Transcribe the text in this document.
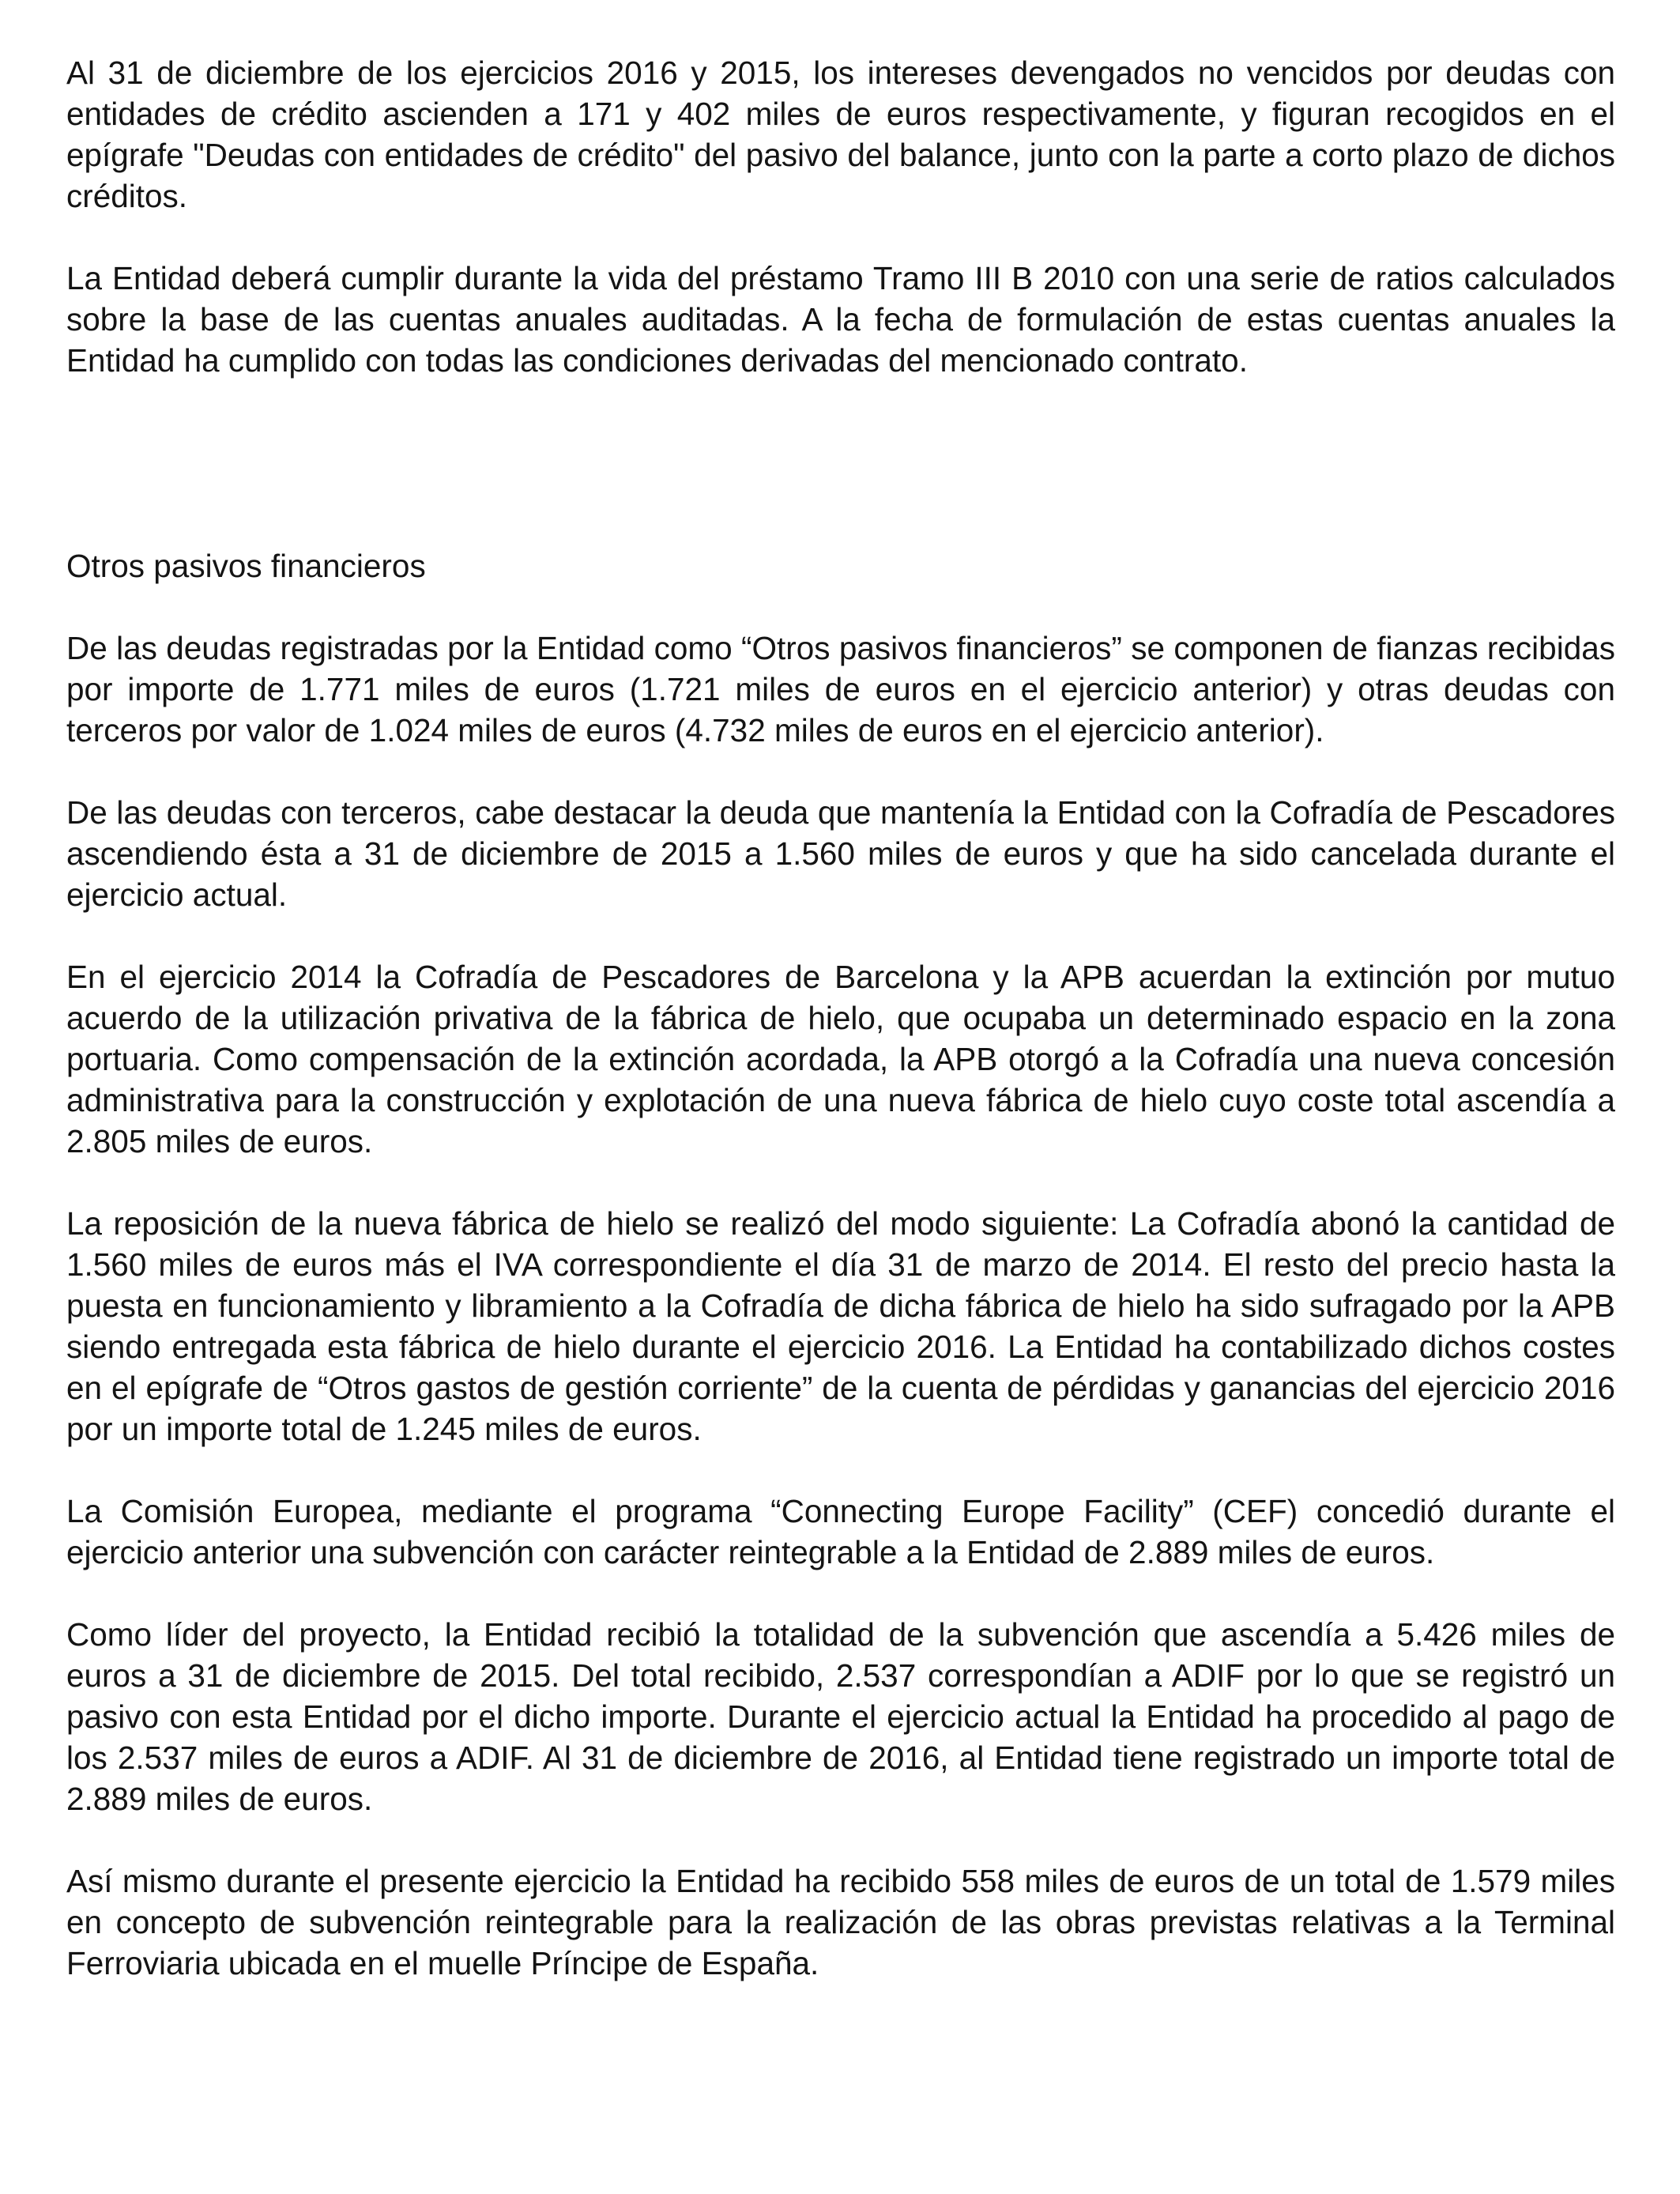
Al 31 de diciembre de los ejercicios 2016 y 2015, los intereses devengados no vencidos por deudas con entidades de crédito ascienden a 171 y 402 miles de euros respectivamente, y figuran recogidos en el epígrafe "Deudas con entidades de crédito" del pasivo del balance, junto con la parte a corto plazo de dichos créditos.

La Entidad deberá cumplir durante la vida del préstamo Tramo III B 2010 con una serie de ratios calculados sobre la base de las cuentas anuales auditadas. A la fecha de formulación de estas cuentas anuales la Entidad ha cumplido con todas las condiciones derivadas del mencionado contrato.

Otros pasivos financieros

De las deudas registradas por la Entidad como “Otros pasivos financieros” se componen de fianzas recibidas por importe de 1.771 miles de euros (1.721 miles de euros en el ejercicio anterior) y otras deudas con terceros por valor de 1.024 miles de euros (4.732 miles de euros en el ejercicio anterior).

De las deudas con terceros, cabe destacar la deuda que mantenía la Entidad con la Cofradía de Pescadores ascendiendo ésta a 31 de diciembre de 2015 a 1.560 miles de euros y que ha sido cancelada durante el ejercicio actual.

En el ejercicio 2014 la Cofradía de Pescadores de Barcelona y la APB acuerdan la extinción por mutuo acuerdo de la utilización privativa de la fábrica de hielo, que ocupaba un determinado espacio en la zona portuaria. Como compensación de la extinción acordada, la APB otorgó a la Cofradía una nueva concesión administrativa para la construcción y explotación de una nueva fábrica de hielo cuyo coste total ascendía a 2.805 miles de euros.

La reposición de la nueva fábrica de hielo se realizó del modo siguiente: La Cofradía abonó la cantidad de 1.560 miles de euros más el IVA correspondiente el día 31 de marzo de 2014. El resto del precio hasta la puesta en funcionamiento y libramiento a la Cofradía de dicha fábrica de hielo ha sido sufragado por la APB siendo entregada esta fábrica de hielo durante el ejercicio 2016. La Entidad ha contabilizado dichos costes en el epígrafe de “Otros gastos de gestión corriente” de la cuenta de pérdidas y ganancias del ejercicio 2016 por un importe total de 1.245 miles de euros.

La Comisión Europea, mediante el programa “Connecting Europe Facility” (CEF) concedió durante el ejercicio anterior una subvención con carácter reintegrable a la Entidad de 2.889 miles de euros.

Como líder del proyecto, la Entidad recibió la totalidad de la subvención que ascendía a 5.426 miles de euros a 31 de diciembre de 2015. Del total recibido, 2.537 correspondían a ADIF por lo que se registró un pasivo con esta Entidad por el dicho importe. Durante el ejercicio actual la Entidad ha procedido al pago de los 2.537 miles de euros a ADIF. Al 31 de diciembre de 2016, al Entidad tiene registrado un importe total de 2.889 miles de euros.

Así mismo durante el presente ejercicio la Entidad ha recibido 558 miles de euros de un total de 1.579 miles en concepto de subvención reintegrable para la realización de las obras previstas relativas a la Terminal Ferroviaria ubicada en el muelle Príncipe de España.
